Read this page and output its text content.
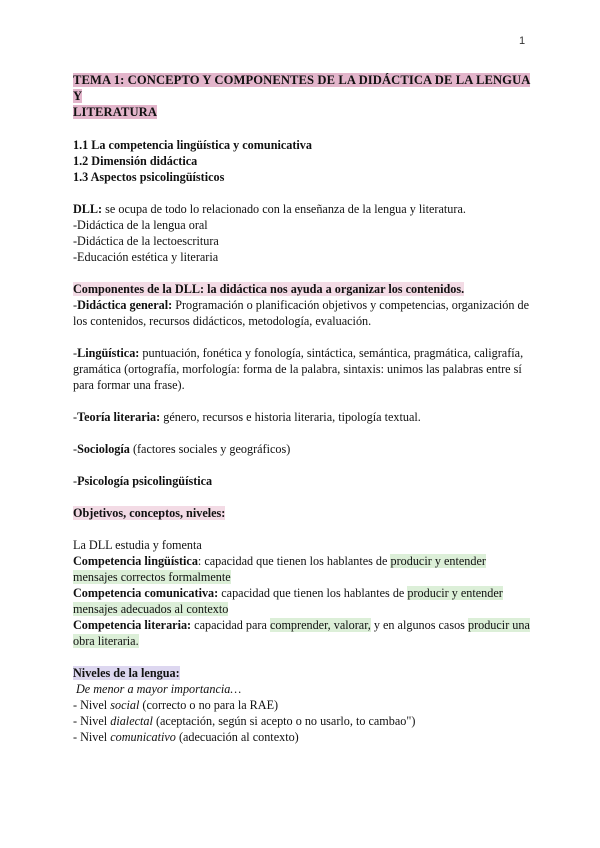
1
TEMA 1: CONCEPTO Y COMPONENTES DE LA DIDÁCTICA DE LA LENGUA Y
LITERATURA
1.1 La competencia lingüística y comunicativa
1.2 Dimensión didáctica
1.3 Aspectos psicolingüísticos
DLL: se ocupa de todo lo relacionado con la enseñanza de la lengua y literatura.
-Didáctica de la lengua oral
-Didáctica de la lectoescritura
-Educación estética y literaria
Componentes de la DLL: la didáctica nos ayuda a organizar los contenidos.
-Didáctica general: Programación o planificación objetivos y competencias, organización de los contenidos, recursos didácticos, metodología, evaluación.
-Lingüística: puntuación, fonética y fonología, sintáctica, semántica, pragmática, caligrafía, gramática (ortografía, morfología: forma de la palabra, sintaxis: unimos las palabras entre sí para formar una frase).
-Teoría literaria: género, recursos e historia literaria, tipología textual.
-Sociología (factores sociales y geográficos)
-Psicología psicolingüística
Objetivos, conceptos, niveles:
La DLL estudia y fomenta
Competencia lingüística: capacidad que tienen los hablantes de producir y entender
mensajes correctos formalmente
Competencia comunicativa: capacidad que tienen los hablantes de producir y entender
mensajes adecuados al contexto
Competencia literaria: capacidad para comprender, valorar, y en algunos casos producir una
obra literaria.
Niveles de la lengua:
De menor a mayor importancia…
- Nivel social (correcto o no para la RAE)
- Nivel dialectal (aceptación, según si acepto o no usarlo, to cambao")
- Nivel comunicativo (adecuación al contexto)
